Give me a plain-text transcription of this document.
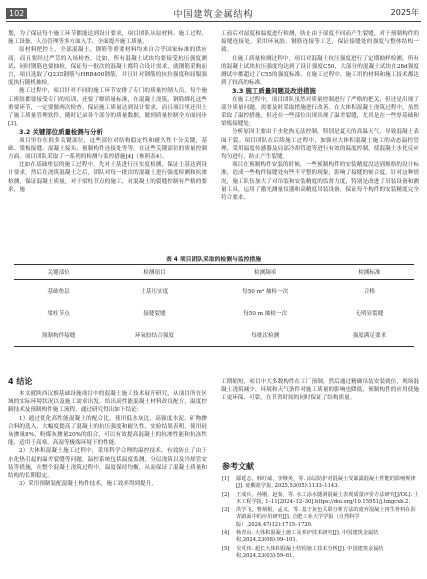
102	中国建筑金属结构	2025年

划，为了保证每个施工环节都能达到设计要求，项目团队从原材料、施工过程、施工设备、人员管理等多方面入手，全面提升施工质量。

原材料把控上，全部混凝土、钢筋等重要材料均来自合乎国家标准的供应商，而且要经过严苛的入场检查。比如，所有混凝土试块均要接受抗压强度测试，同时钢筋也要抽检，保证每一批次的混凝土都符合设计需求，就钢筋采购而言，项目选取了Q235钢筋与HRB400钢筋，并且针对钢筋的抗拉强度和屈服强度执行随机抽检。

施工过程中，项目针对不同的施工环节安排了专门的质量控制人员，每个施工班组都要接受专门的培训，还要了解质量标准，在混凝土浇筑、钢筋绑扎这些重要环节，一定要做两次检查。保证施工质量达到设计要求，而且项目里还用上了施工质量管理软件，随时记录各个部分的质量数据，做到质量控制全方面同步[3]。

3.2 关键部位质量检测与分析

项目里存在很多关键部位，这些部位对结构稳定性和耐久性十分关键，基础、梁板接缝、混凝土接头、预制构件连接处等等，在这些关键部位的质量控制方面，项目团队采取了一系列的检测与监控措施[4]（参照表4）。

比如在基础垫层的施工过程中，先对土基进行压实度检测，保证土基达到设计要求，然后在浇筑混凝土之后，团队对每一批次的混凝土进行强度检测和抗渗检测，保证混凝土质量，对于梁柱节点的施工，对混凝土的裂缝控制有严格的要求，施

工前后对湿度和温度进行检测，防止由于湿度不同而产生裂缝，对于预制构件的接缝连接处，采用环氧胶、钢筋连接等工艺，保证接缝处的强度与整体结构一致。

在施工质量检测过程中，项目对混凝土抗压强度进行了定期抽样检测，所有的混凝土试块抗压强度均达到了设计强度C50，大部分的混凝土试块在28d强度测试中都超过了C55的强度标准，在施工过程中，施工用的材料和施工技术都达到了较高的标准。

3.3 施工质量问题及改进措施

在施工过程中，项目团队虽然对质量控制进行了严格的把关，但还是出现了部分质量问题，需要及时采取措施进行改善。在大体积混凝土浇筑过程中，虽然采取了温控措施，但还在一些部位出现出现了温差裂缝，尤其是在一些厚基础和梁板接缝处。

分析原因主要由于水化热无法控制，特别是夏天的高温天气，导致混凝土表面干裂。项目团队在后续施工过程中，加强对大体积混凝土施工的动态温控管理，采用温度传感器及局部冷却管道等进行有效的温度控制，使混凝土水化反应均匀进行，防止产生裂缝。

项目在预制构件安装的时候，一些预制构件的安装精度没达到规格的设计标准，造成一些构件接缝处有些不平整的现象，影响了接缝的密合度，针对这种情况，施工队伍加大了对吊装和安装精度的监督力度，特别是改进了吊装设备和测量工具，运用了激光测量仪器和高精度吊装设备，保证每个构件的安装精度完全符合要求。

表 4 项目团队采取的检测与监控措施
关键部位	检测项目	检测频率	检测标准
基础垫层	土基压实度	每50 m² 抽检一次	合格
梁柱节点	接缝裂缝	每50 m 抽检一次	无明显裂缝
预制构件接缝	环氧胶结合强度	每批次检测	强度满足要求
4 结论

本文就陕西汉推基础设施项目中的混凝土施工技术展开研究，从项目所在区域的实际环境状况以及施工需求出发，给出高性能混凝土材料改良配方，温度控制技术及预制构件施工流程，通过研究得出如下结论：

1）通过优化高性能混凝土的配合比，使用低水灰比，高强度水泥，矿物掺合料的选入，大幅度提高了混凝土的抗压强度和耐久性，实验结果表明，使用硅灰掺量8%，粉煤灰掺量20%的组合，可以有效提高混凝土的抗渗性能和抗冻性能，适用于高寒、高湿等极端环境下的性能。

2）大体积混凝土施工过程中，采用科学合理的温控技术，有效防止了由于水化热引起的温差裂缝等问题，温控系统包括温度监测，分层浇筑以及冷却管安装等措施，在整个混凝土浇筑过程中，温度保持均衡，从而保证了混凝土质量和结构的长期稳定。

3）采用预制装配混凝土构件技术，施工效率得到提升，

工期缩短，项目中大多数构件在工厂预制，然后通过精确吊装安装就位，现场混凝土浇筑减少，环境和天气条件对施工质量的影响也降低，预制构件的应用使施工更环保、可靠，在节省时间的同时保证了结构质量。

参考文献
[1]	鄢延志，韩红威，李继英，等. 涂层防护对混凝土受暴露混凝土性能的影响规律[J]. 硅酸盐学报, 2025,53(05):1133–1143.
[2]	王成兵，孙刚，赵秦，等. 水工涂水隧洞混凝土表观质量评价方法研究[J/OL]. 土木工程学报, 1–11[2024–12–30].https://doi.org/10.15951/j.tmgcxb.2.
[3]	洪学飞，曹炳根，孟义，等. 基于灰色关联分析方法的废弃混凝土再生骨料在沥青路面中的应用研究[J]. 合肥工业大学学报（自然科学版）,2024,47(12):1715–1720.
[4]	杨青山. 大体积混凝土施工及养护技术研究[J]. 中国建筑金属结构,2024,23(08):99–101.
[5]	吴芃伟. 超长大体积混凝土结构施工技术分析[J]. 中国建筑金属结构,2024,23(03):59–61.
